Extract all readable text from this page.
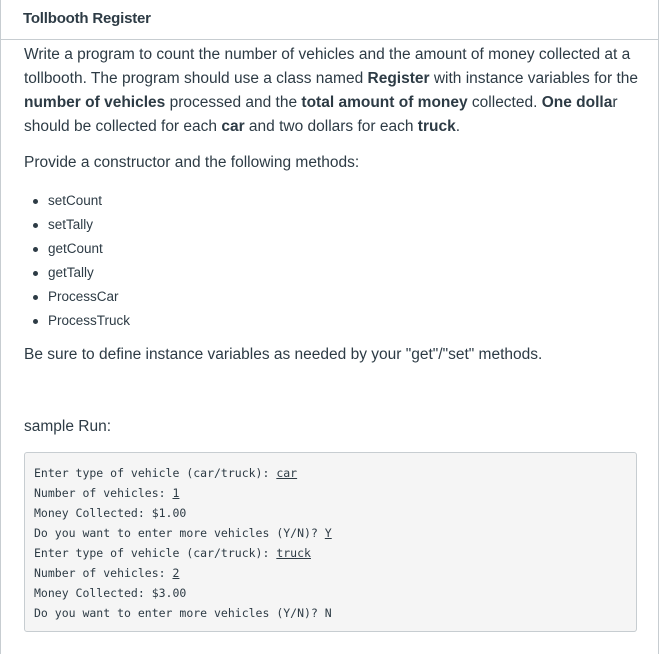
Tollbooth Register

Write a program to count the number of vehicles and the amount of money collected at a tollbooth. The program should use a class named Register with instance variables for the number of vehicles processed and the total amount of money collected. One dollar should be collected for each car and two dollars for each truck.

Provide a constructor and the following methods:

setCount
setTally
getCount
getTally
ProcessCar
ProcessTruck

Be sure to define instance variables as needed by your "get"/"set" methods.

sample Run:

Enter type of vehicle (car/truck): car
Number of vehicles: 1
Money Collected: $1.00
Do you want to enter more vehicles (Y/N)? Y
Enter type of vehicle (car/truck): truck
Number of vehicles: 2
Money Collected: $3.00
Do you want to enter more vehicles (Y/N)? N
